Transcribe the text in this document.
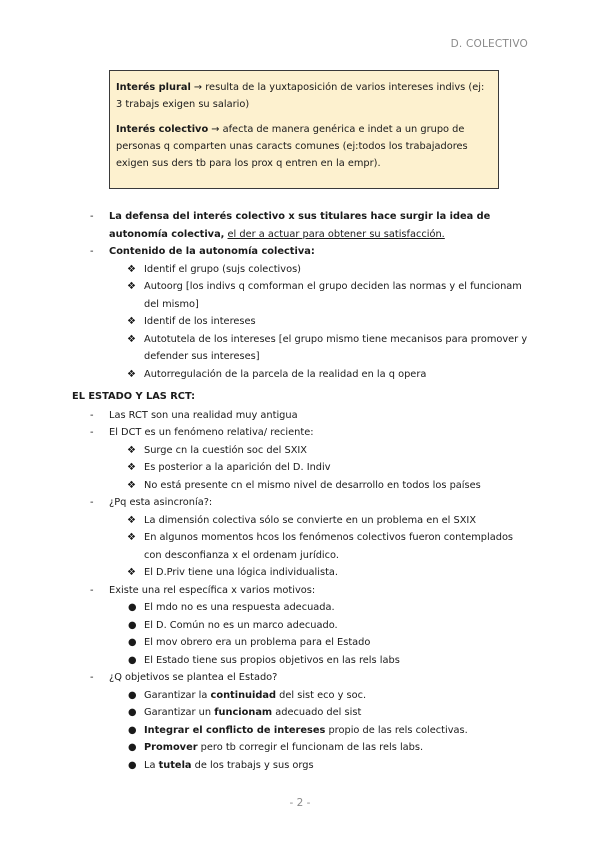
D. COLECTIVO

Interés plural → resulta de la yuxtaposición de varios intereses indivs (ej: 3 trabajs exigen su salario)

Interés colectivo → afecta de manera genérica e indet a un grupo de personas q comparten unas caracts comunes (ej:todos los trabajadores exigen sus ders tb para los prox q entren en la empr).

- La defensa del interés colectivo x sus titulares hace surgir la idea de autonomía colectiva, el der a actuar para obtener su satisfacción.
- Contenido de la autonomía colectiva:
❖ Identif el grupo (sujs colectivos)
❖ Autoorg [los indivs q comforman el grupo deciden las normas y el funcionam del mismo]
❖ Identif de los intereses
❖ Autotutela de los intereses [el grupo mismo tiene mecanisos para promover y defender sus intereses]
❖ Autorregulación de la parcela de la realidad en la q opera
EL ESTADO Y LAS RCT:
- Las RCT son una realidad muy antigua
- El DCT es un fenómeno relativa/ reciente:
❖ Surge cn la cuestión soc del SXIX
❖ Es posterior a la aparición del D. Indiv
❖ No está presente cn el mismo nivel de desarrollo en todos los países
- ¿Pq esta asincronía?:
❖ La dimensión colectiva sólo se convierte en un problema en el SXIX
❖ En algunos momentos hcos los fenómenos colectivos fueron contemplados con desconfianza x el ordenam jurídico.
❖ El D.Priv tiene una lógica individualista.
- Existe una rel específica x varios motivos:
● El mdo no es una respuesta adecuada.
● El D. Común no es un marco adecuado.
● El mov obrero era un problema para el Estado
● El Estado tiene sus propios objetivos en las rels labs
- ¿Q objetivos se plantea el Estado?
● Garantizar la continuidad del sist eco y soc.
● Garantizar un funcionam adecuado del sist
● Integrar el conflicto de intereses propio de las rels colectivas.
● Promover pero tb corregir el funcionam de las rels labs.
● La tutela de los trabajs y sus orgs
- 2 -
